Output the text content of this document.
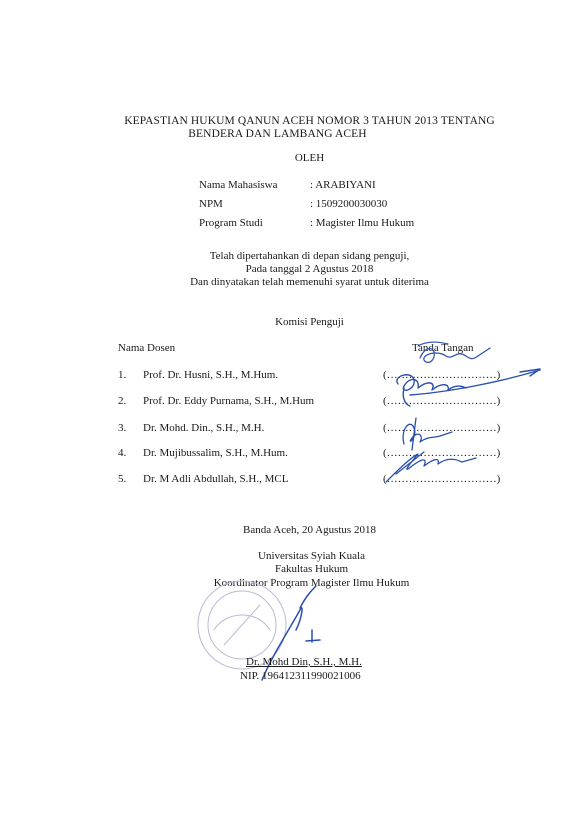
KEPASTIAN HUKUM QANUN ACEH NOMOR 3 TAHUN 2013 TENTANG
BENDERA DAN LAMBANG ACEH
OLEH
Nama Mahasiswa	: ARABIYANI
NPM	: 1509200030030
Program Studi	: Magister Ilmu Hukum
Telah dipertahankan di depan sidang penguji,
Pada tanggal 2 Agustus 2018
Dan dinyatakan telah memenuhi syarat untuk diterima
Komisi Penguji
Nama Dosen	Tanda Tangan
1. Prof. Dr. Husni, S.H., M.Hum.	(…………………………)
2. Prof. Dr. Eddy Purnama, S.H., M.Hum	(…………………………)
3. Dr. Mohd. Din., S.H., M.H.	(…………………………)
4. Dr. Mujibussalim, S.H., M.Hum.	(…………………………)
5. Dr. M Adli Abdullah, S.H., MCL	(…………………………)
Banda Aceh, 20 Agustus 2018
Universitas Syiah Kuala
Fakultas Hukum
Koordinator Program Magister Ilmu Hukum
Dr. Mohd Din, S.H., M.H.
NIP. 196412311990021006
